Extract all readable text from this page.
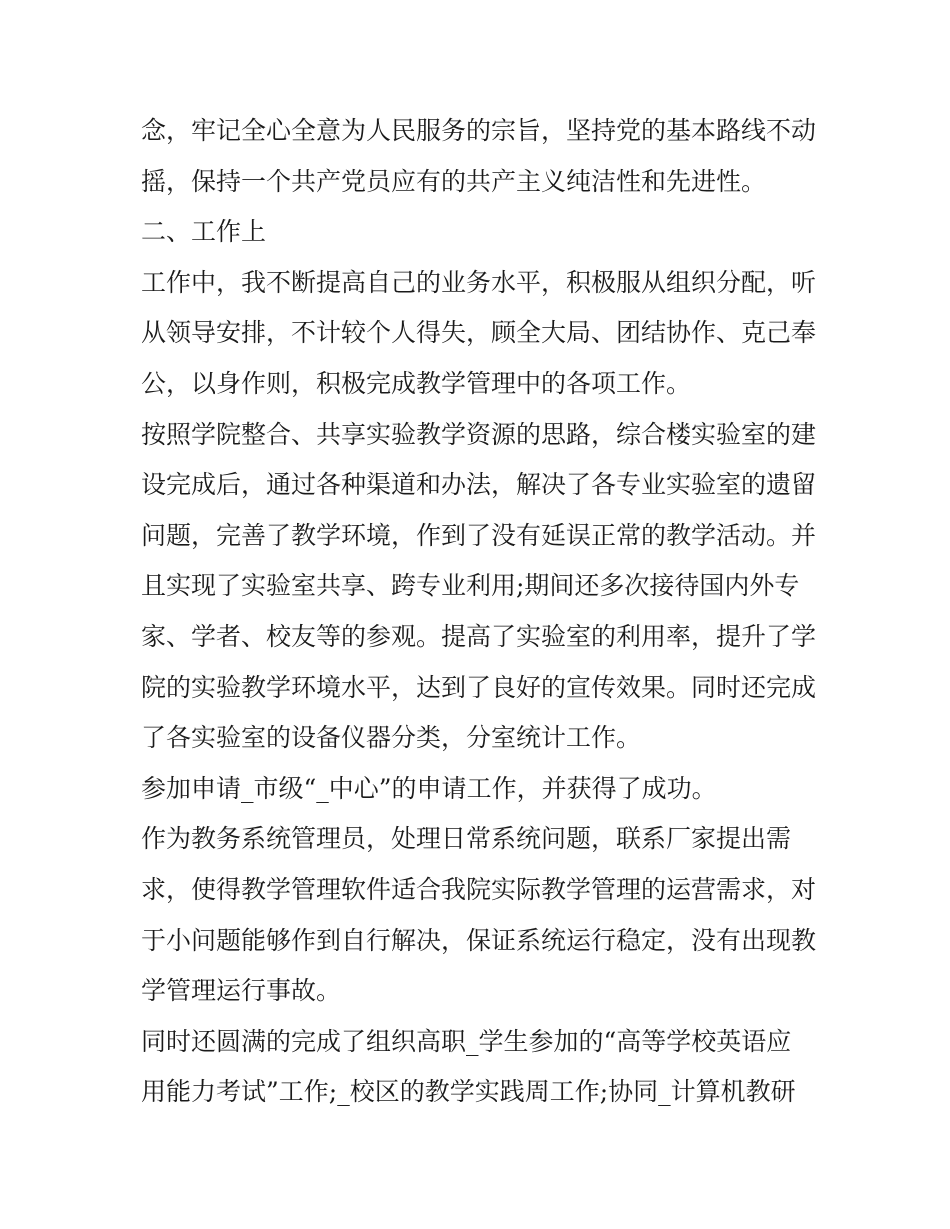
念，牢记全心全意为人民服务的宗旨，坚持党的基本路线不动
摇，保持一个共产党员应有的共产主义纯洁性和先进性。
二、工作上
工作中，我不断提高自己的业务水平，积极服从组织分配，听
从领导安排，不计较个人得失，顾全大局、团结协作、克己奉
公，以身作则，积极完成教学管理中的各项工作。
按照学院整合、共享实验教学资源的思路，综合楼实验室的建
设完成后，通过各种渠道和办法，解决了各专业实验室的遗留
问题，完善了教学环境，作到了没有延误正常的教学活动。并
且实现了实验室共享、跨专业利用;期间还多次接待国内外专
家、学者、校友等的参观。提高了实验室的利用率，提升了学
院的实验教学环境水平，达到了良好的宣传效果。同时还完成
了各实验室的设备仪器分类，分室统计工作。
参加申请_市级“_中心”的申请工作，并获得了成功。
作为教务系统管理员，处理日常系统问题，联系厂家提出需
求，使得教学管理软件适合我院实际教学管理的运营需求，对
于小问题能够作到自行解决，保证系统运行稳定，没有出现教
学管理运行事故。
同时还圆满的完成了组织高职_学生参加的“高等学校英语应
用能力考试”工作;_校区的教学实践周工作;协同_计算机教研
